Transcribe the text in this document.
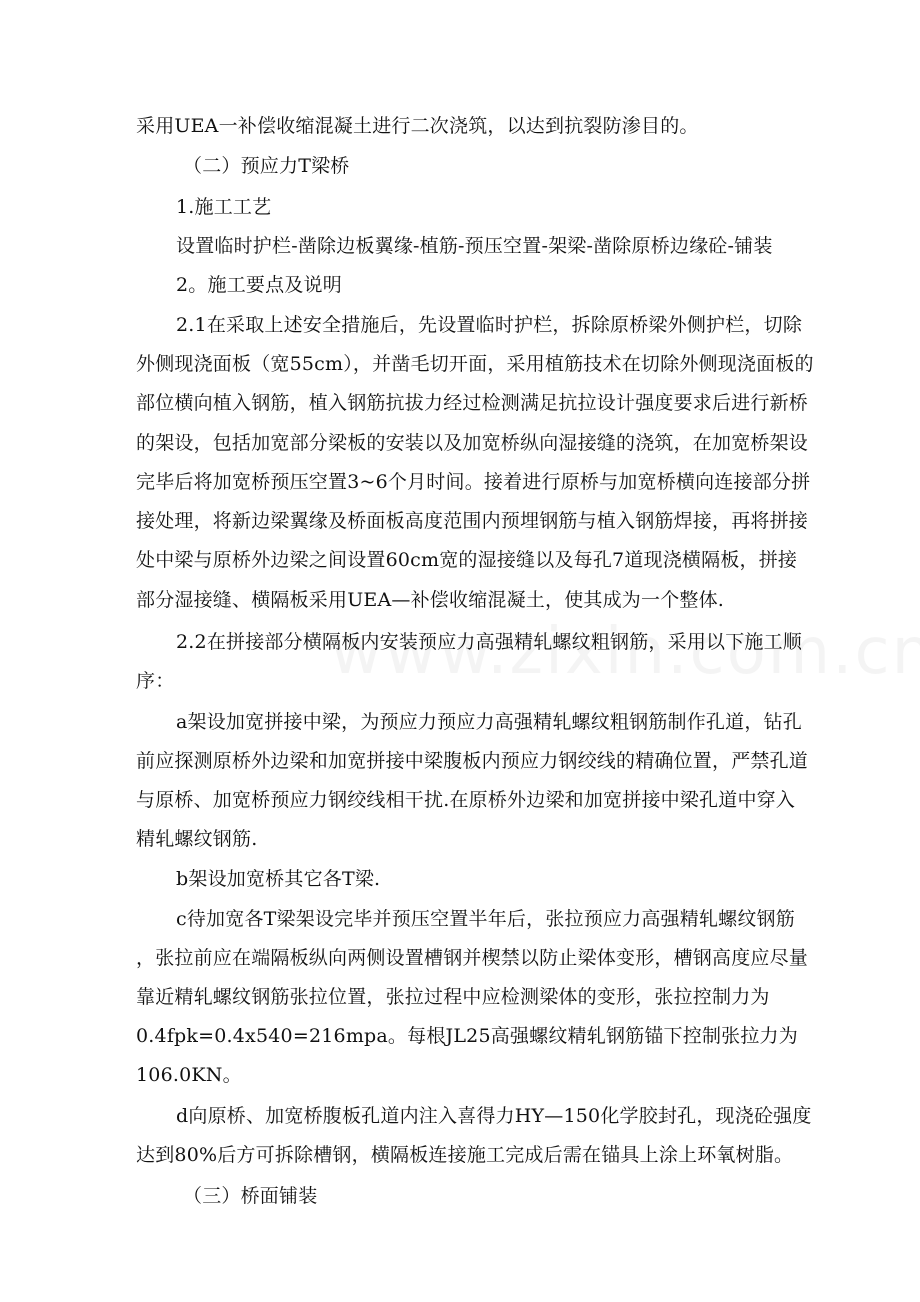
采用UEA一补偿收缩混凝土进行二次浇筑，以达到抗裂防渗目的。
（二）预应力T梁桥
1.施工工艺
设置临时护栏-凿除边板翼缘-植筋-预压空置-架梁-凿除原桥边缘砼-铺装
2。施工要点及说明
2.1在采取上述安全措施后，先设置临时护栏，拆除原桥梁外侧护栏，切除
外侧现浇面板（宽55cm），并凿毛切开面，采用植筋技术在切除外侧现浇面板的
部位横向植入钢筋，植入钢筋抗拔力经过检测满足抗拉设计强度要求后进行新桥
的架设，包括加宽部分梁板的安装以及加宽桥纵向湿接缝的浇筑，在加宽桥架设
完毕后将加宽桥预压空置3~6个月时间。接着进行原桥与加宽桥横向连接部分拼
接处理，将新边梁翼缘及桥面板高度范围内预埋钢筋与植入钢筋焊接，再将拼接
处中梁与原桥外边梁之间设置60cm宽的湿接缝以及每孔7道现浇横隔板，拼接
部分湿接缝、横隔板采用UEA—补偿收缩混凝土，使其成为一个整体.
2.2在拼接部分横隔板内安装预应力高强精轧螺纹粗钢筋，采用以下施工顺
序：
a架设加宽拼接中梁，为预应力预应力高强精轧螺纹粗钢筋制作孔道，钻孔
前应探测原桥外边梁和加宽拼接中梁腹板内预应力钢绞线的精确位置，严禁孔道
与原桥、加宽桥预应力钢绞线相干扰.在原桥外边梁和加宽拼接中梁孔道中穿入
精轧螺纹钢筋.
b架设加宽桥其它各T梁.
c待加宽各T梁架设完毕并预压空置半年后，张拉预应力高强精轧螺纹钢筋
，张拉前应在端隔板纵向两侧设置槽钢并楔禁以防止梁体变形，槽钢高度应尽量
靠近精轧螺纹钢筋张拉位置，张拉过程中应检测梁体的变形，张拉控制力为
0.4fpk=0.4x540=216mpa。每根JL25高强螺纹精轧钢筋锚下控制张拉力为
106.0KN。
d向原桥、加宽桥腹板孔道内注入喜得力HY—150化学胶封孔，现浇砼强度
达到80%后方可拆除槽钢，横隔板连接施工完成后需在锚具上涂上环氧树脂。
（三）桥面铺装
